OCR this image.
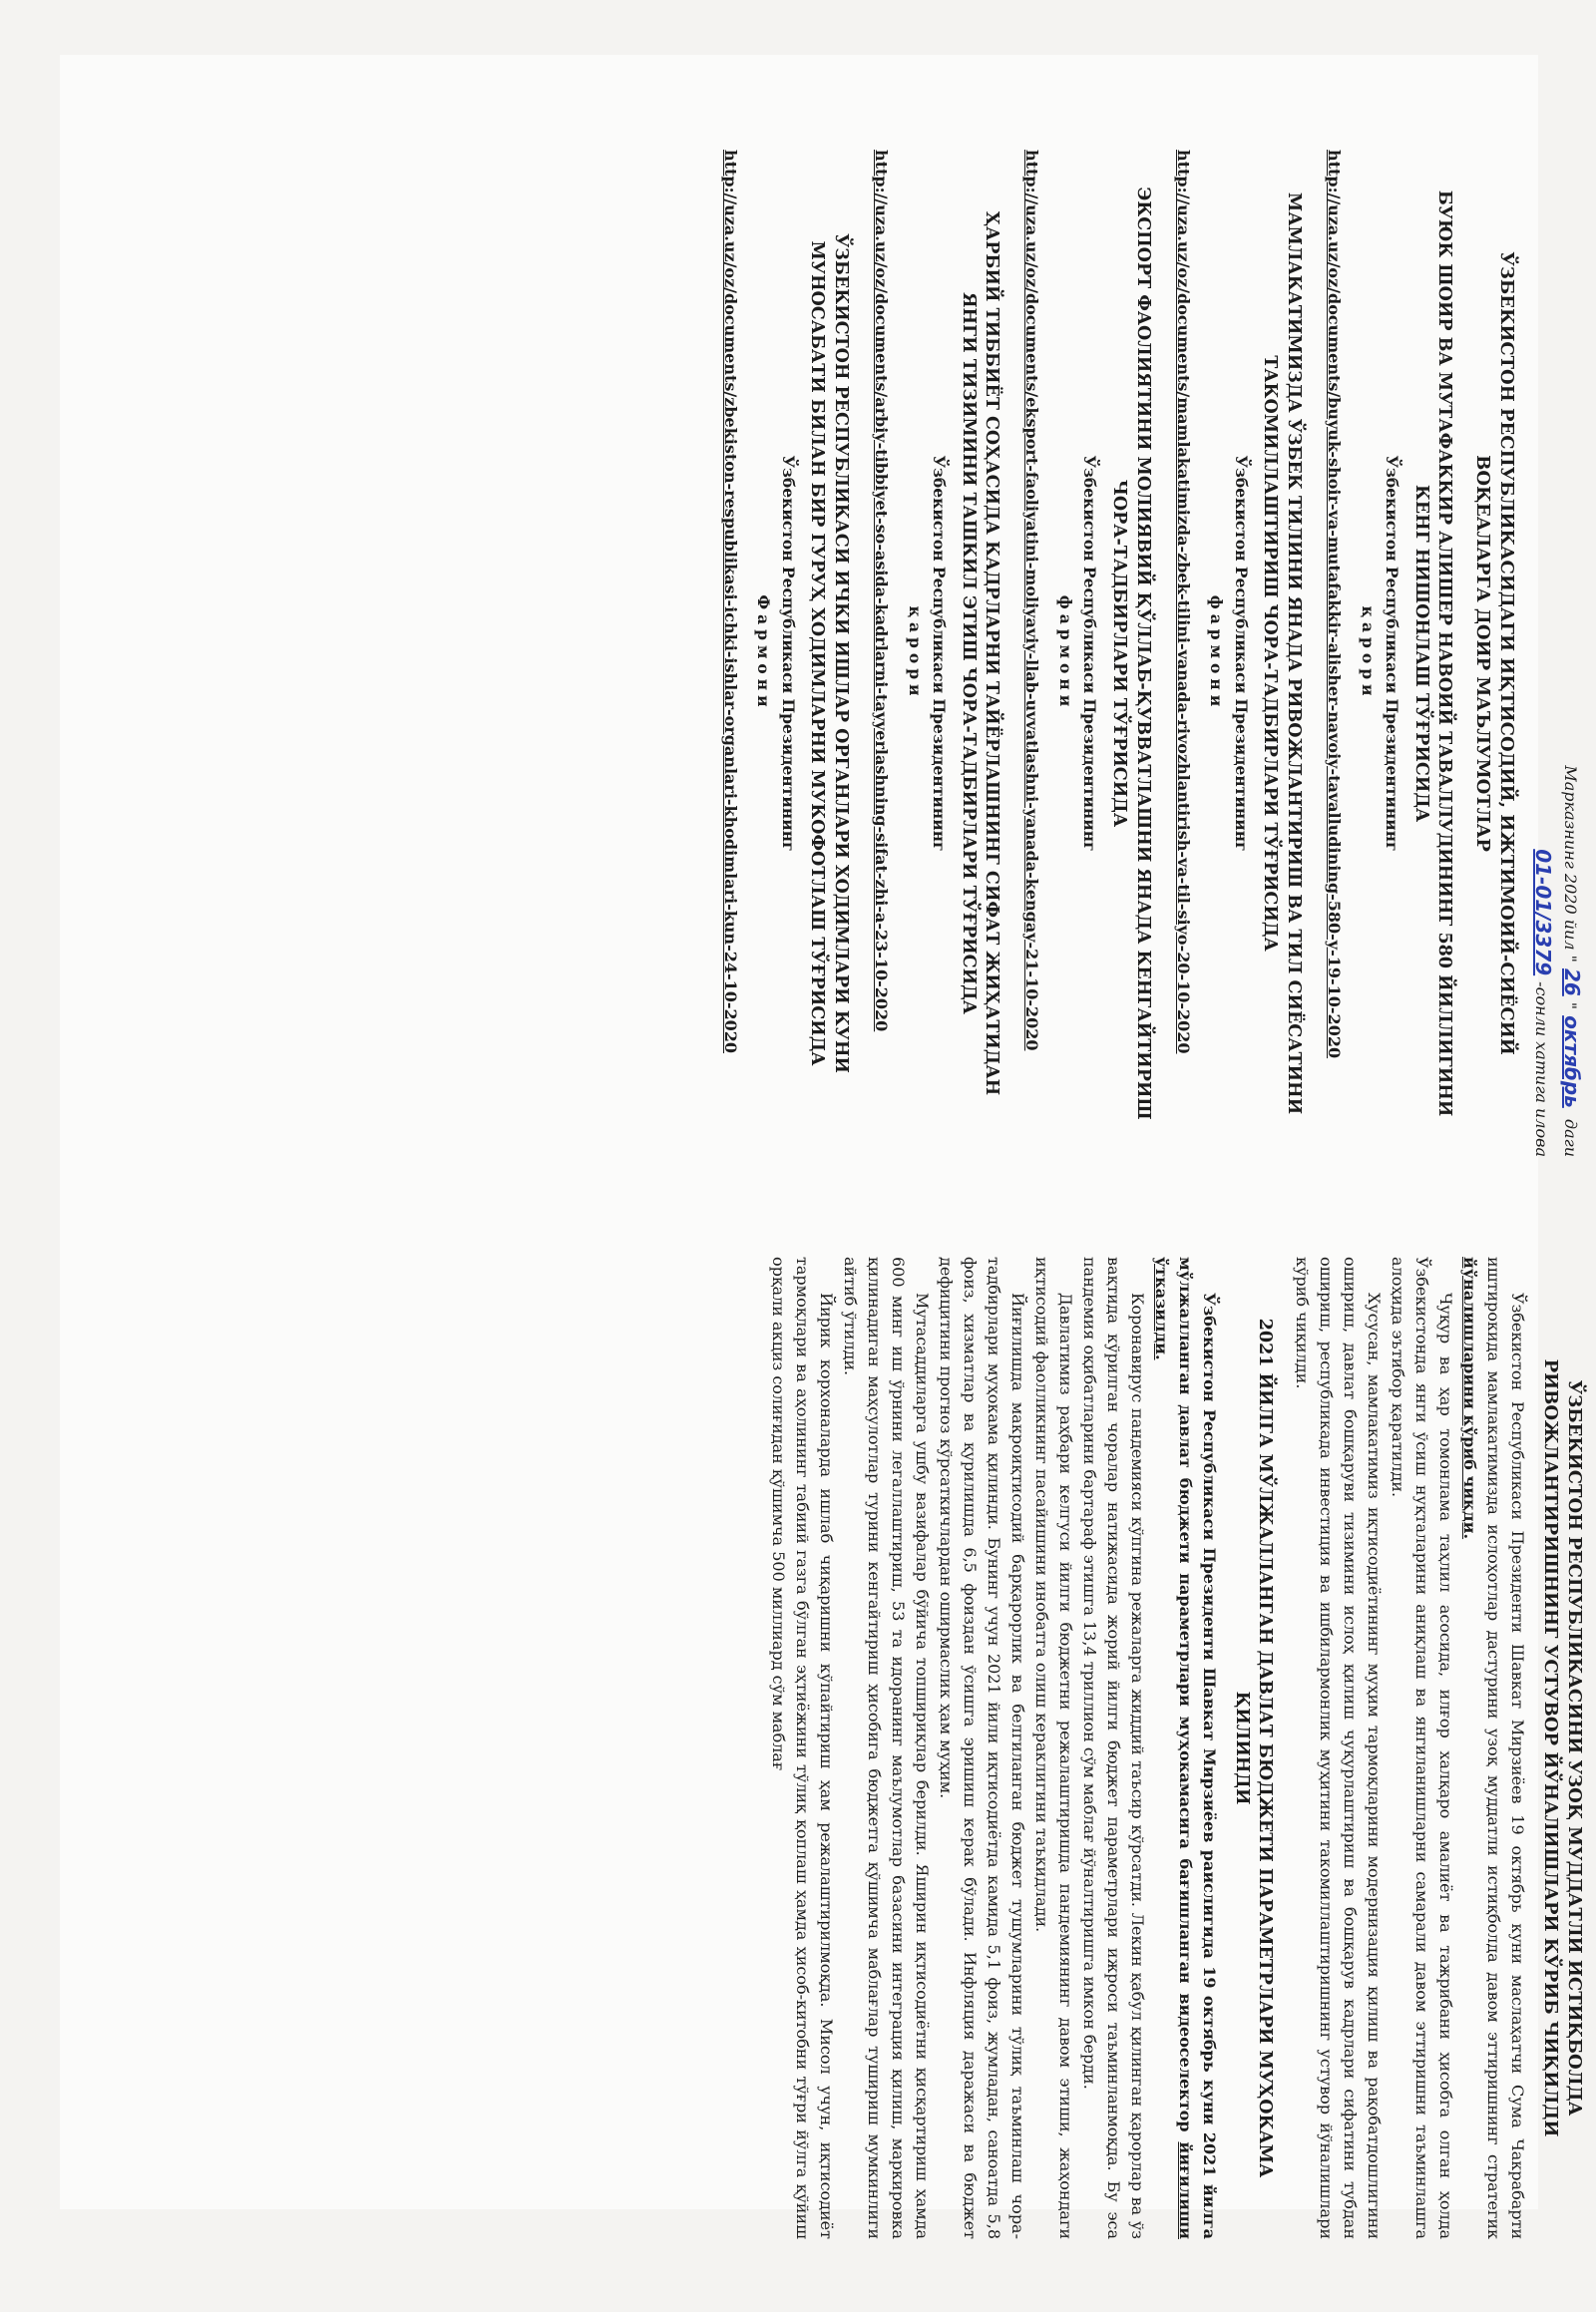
Марказнинг 2020 йил "26"октябрь даги
01-01/3379-сонли хатига илова
ЎЗБЕКИСТОН РЕСПУБЛИКАСИДАГИ ИҚТИСОДИЙ, ИЖТИМОИЙ-СИЁСИЙ ВОҚЕАЛАРГА ДОИР МАЪЛУМОТЛАР
БУЮК ШОИР ВА МУТАФАККИР АЛИШЕР НАВОИЙ ТАВАЛЛУДИНИНГ 580 ЙИЛЛИГИНИ КЕНГ НИШОНЛАШ ТЎҒРИСИДА
Ўзбекистон Республикаси Президентининг
қарори
http://uza.uz/oz/documents/buyuk-shoir-va-mutafakkir-alisher-navoiy-tavalludining-580-y-19-10-2020
МАМЛАКАТИМИЗДА ЎЗБЕК ТИЛИНИ ЯНАДА РИВОЖЛАНТИРИШ ВА ТИЛ СИЁСАТИНИ ТАКОМИЛЛАШТИРИШ ЧОРА-ТАДБИРЛАРИ ТЎҒРИСИДА
Ўзбекистон Республикаси Президентининг
фармони
http://uza.uz/oz/documents/mamlakatimizda-zbek-tilini-vanada-rivozhlantirish-va-til-siyo-20-10-2020
ЭКСПОРТ ФАОЛИЯТИНИ МОЛИЯВИЙ ҚЎЛЛАБ-ҚУВВАТЛАШНИ ЯНАДА КЕНГАЙТИРИШ ЧОРА-ТАДБИРЛАРИ ТЎҒРИСИДА
Ўзбекистон Республикаси Президентининг
фармони
http://uza.uz/oz/documents/eksport-faoliyatini-moliyaviy-llab-uvvatlashni-yanada-kengay-21-10-2020
ҲАРБИЙ ТИББИЁТ СОҲАСИДА КАДРЛАРНИ ТАЙЁРЛАШНИНГ СИФАТ ЖИҲАТИДАН ЯНГИ ТИЗИМИНИ ТАШКИЛ ЭТИШ ЧОРА-ТАДБИРЛАРИ ТЎҒРИСИДА
Ўзбекистон Республикаси Президентининг
қарори
http://uza.uz/oz/documents/arbiy-tibbiyet-so-asida-kadrlarni-tayyerlashning-sifat-zhi-a-23-10-2020
ЎЗБЕКИСТОН РЕСПУБЛИКАСИ ИЧКИ ИШЛАР ОРГАНЛАРИ ХОДИМЛАРИ КУНИ МУНОСАБАТИ БИЛАН БИР ГУРУҲ ХОДИМЛАРНИ МУКОФОТЛАШ ТЎҒРИСИДА
Ўзбекистон Республикаси Президентининг
Фармони
http://uza.uz/oz/documents/zbekiston-respublikasi-ichki-ishlar-organlari-khodimlari-kun-24-10-2020
ЎЗБЕКИСТОН РЕСПУБЛИКАСИНИ УЗОҚ МУДДАТЛИ ИСТИҚБОЛДА РИВОЖЛАНТИРИШНИНГ УСТУВОР ЙЎНАЛИШЛАРИ КЎРИБ ЧИҚИЛДИ

Ўзбекистон Республикаси Президенти Шавкат Мирзиёев 19 октябрь куни маслаҳатчи Сума Чакрабарти иштирокида мамлакатимизда ислоҳотлар дастурини узоқ муддатли истиқболда давом эттиришнинг стратегик йўналишларини кўриб чиқди.

Чуқур ва ҳар томонлама таҳлил асосида, илғор халқаро амалиёт ва тажрибани ҳисобга олган ҳолда Ўзбекистонда янги ўсиш нуқталарини аниқлаш ва янгиланишларни самарали давом эттиришни таъминлашга алоҳида эътибор қаратилди.

Хусусан, мамлакатимиз иқтисодиётининг муҳим тармоқларини модернизация қилиш ва рақобатдошлигини ошириш, давлат бошқаруви тизимини ислоҳ қилиш чуқурлаштириш ва бошқарув кадрлари сифатини тубдан ошириш, республикада инвестиция ва ишбилармонлик муҳитини такомиллаштиришнинг устувор йўналишлари кўриб чиқилди.

2021 ЙИЛГА МЎЛЖАЛЛАНГАН ДАВЛАТ БЮДЖЕТИ ПАРАМЕТРЛАРИ МУҲОКАМА ҚИЛИНДИ

Ўзбекистон Республикаси Президенти Шавкат Мирзиёев раислигида 19 октябрь куни 2021 йилга мўлжалланган давлат бюджети параметрлари муҳокамасига бағишланган видеоселектор йиғилиши ўтказилди.

Коронавирус пандемияси кўпгина режаларга жиддий таъсир кўрсатди. Лекин қабул қилинган қарорлар ва ўз вақтида кўрилган чоралар натижасида жорий йилги бюджет параметрлари ижроси таъминланмоқда. Бу эса пандемия оқибатларини бартараф этишга 13,4 триллион сўм маблағ йўналтиришга имкон берди.

Давлатимиз раҳбари келгуси йилги бюджетни режалаштиришда пандемиянинг давом этиши, жаҳондаги иқтисодий фаолликнинг пасайишини инобатга олиш кераклигини таъкидлади.

Йиғилишда макроиқтисодий барқарорлик ва белгиланган бюджет тушумларини тўлиқ таъминлаш чора-тадбирлари муҳокама қилинди. Бунинг учун 2021 йили иқтисодиётда камида 5,1 фоиз, жумладан, саноатда 5,8 фоиз, хизматлар ва қурилишда 6,5 фоиздан ўсишга эришиш керак бўлади. Инфляция даражаси ва бюджет дефицитини прогноз кўрсаткичлардан оширмаслик ҳам муҳим.

Мутасаддиларга ушбу вазифалар бўйича топшириқлар берилди. Яширин иқтисодиётни қисқартириш ҳамда 600 минг иш ўрнини легаллаштириш, 53 та идоранинг маълумотлар базасини интеграция қилиш, маркировка қилинадиган маҳсулотлар турини кенгайтириш ҳисобига бюджетга қўшимча маблағлар тушириш мумкинлиги айтиб ўтилди.

Йирик корхоналарда ишлаб чиқаришни кўпайтириш ҳам режалаштирилмоқда. Мисол учун, иқтисодиёт тармоқлари ва аҳолининг табиий газга бўлган эҳтиёжини тўлиқ қоплаш ҳамда ҳисоб-китобни тўғри йўлга қўйиш орқали акциз солиғидан қўшимча 500 миллиард сўм маблағ
